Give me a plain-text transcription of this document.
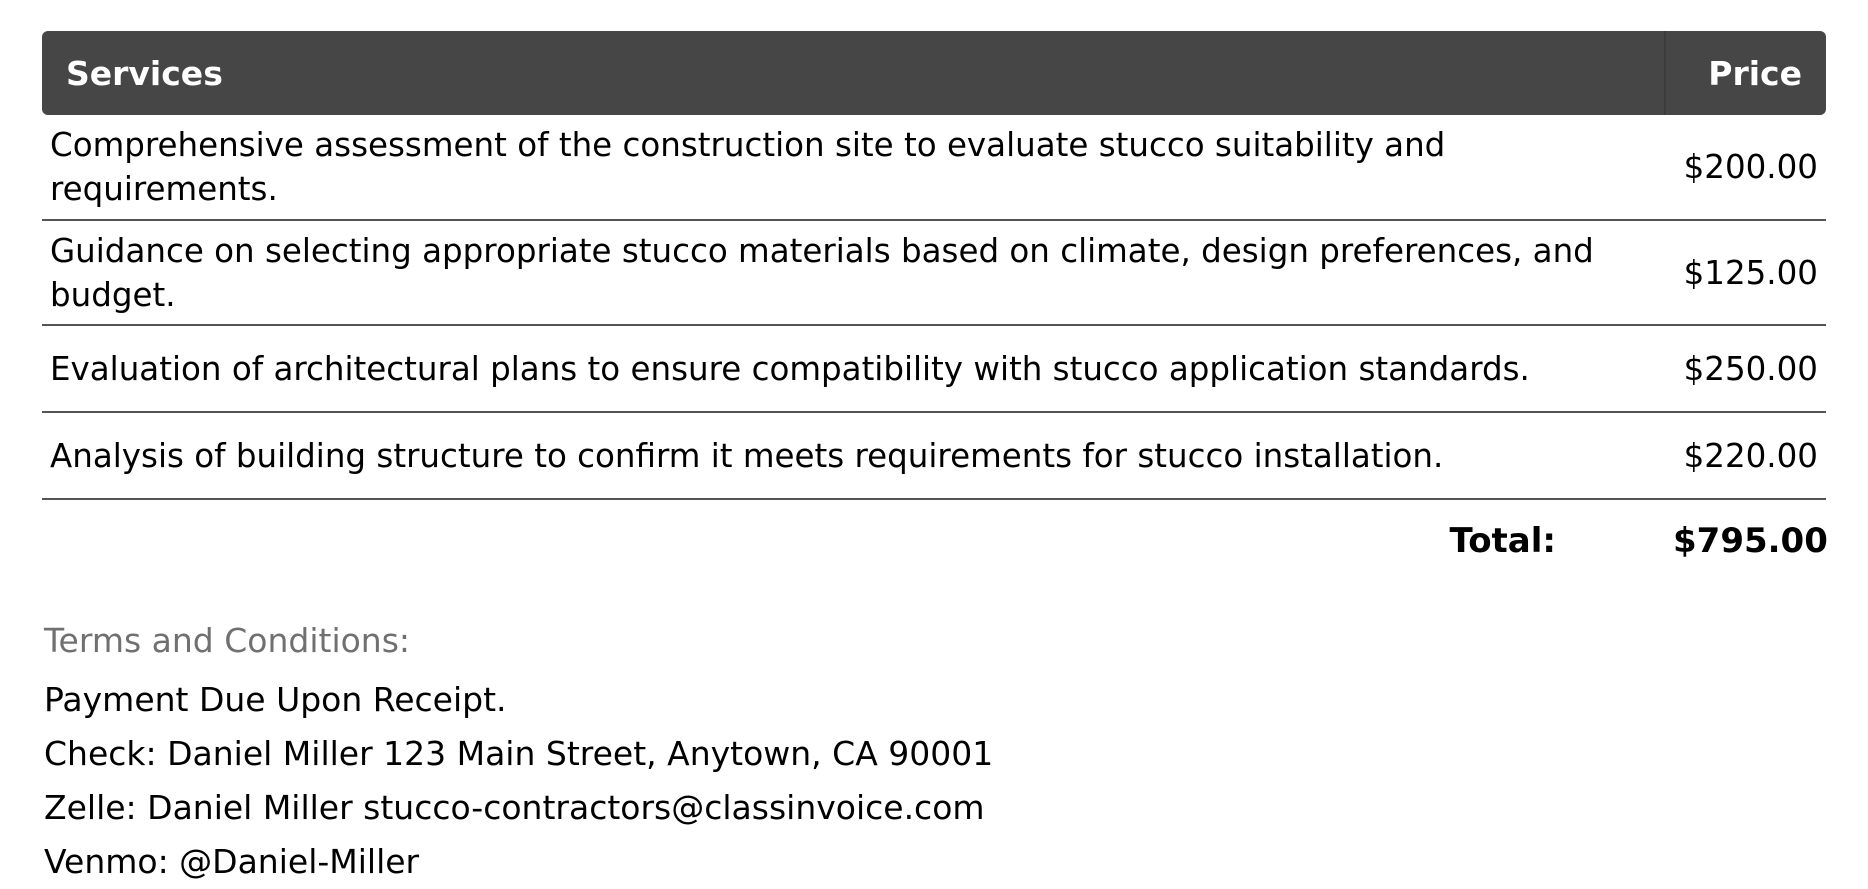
Services	Price
Comprehensive assessment of the construction site to evaluate stucco suitability and requirements.	$200.00
Guidance on selecting appropriate stucco materials based on climate, design preferences, and budget.	$125.00
Evaluation of architectural plans to ensure compatibility with stucco application standards.	$250.00
Analysis of building structure to confirm it meets requirements for stucco installation.	$220.00
Total:	$795.00

Terms and Conditions:

Payment Due Upon Receipt.

Check: Daniel Miller 123 Main Street, Anytown, CA 90001

Zelle: Daniel Miller stucco-contractors@classinvoice.com

Venmo: @Daniel-Miller
